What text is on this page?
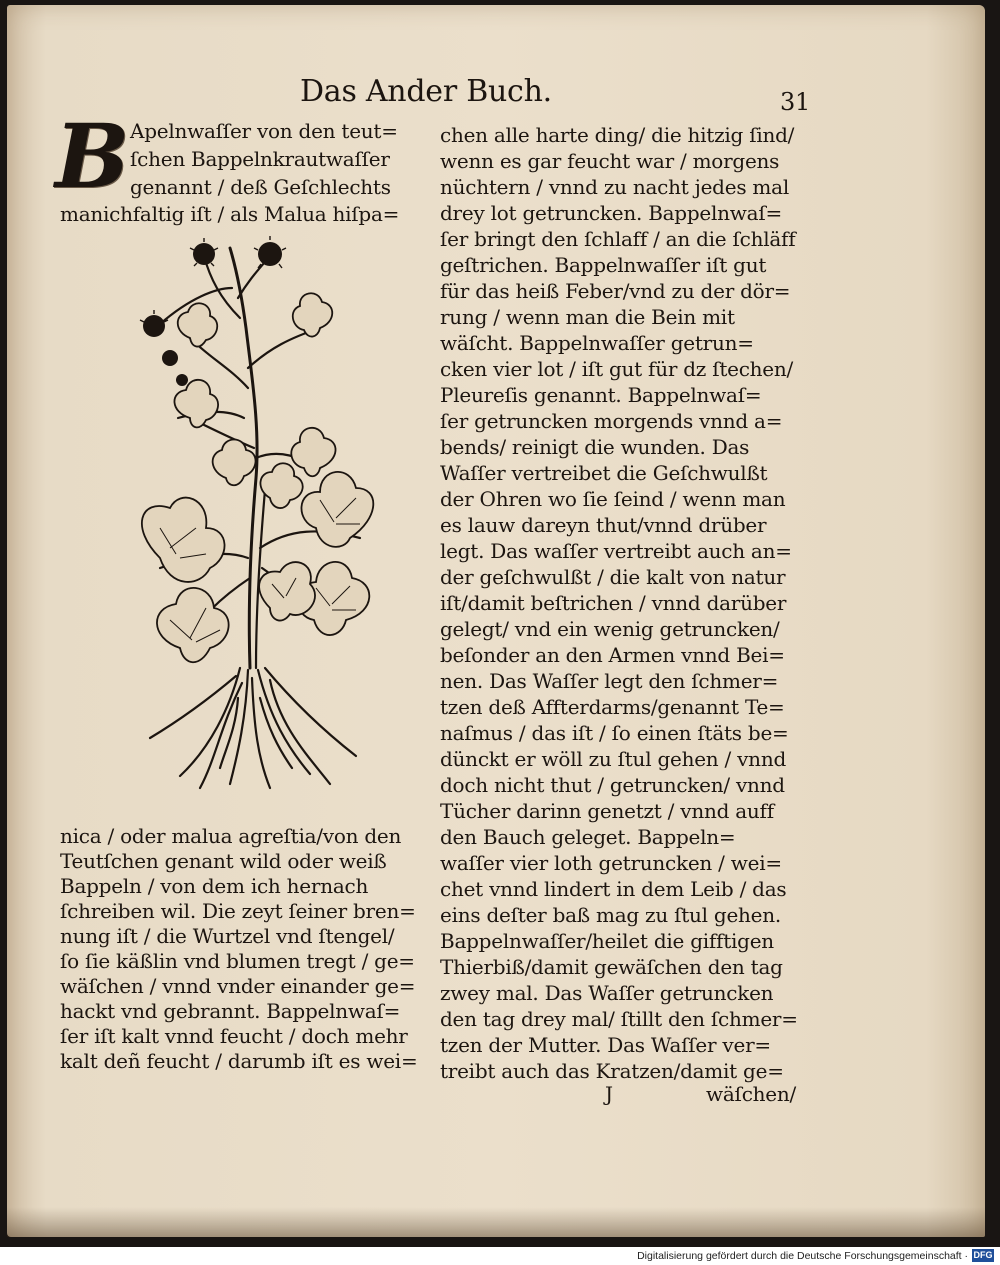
Das Ander Buch.	31
B Apelnwaſſer von den teut=
ſchen Bappelnkrautwaſſer
genannt / deß Geſchlechts
manichfaltig iſt / als Malua hiſpa=
nica / oder malua agreſtia/von den
Teutſchen genant wild oder weiß
Bappeln / von dem ich hernach
ſchreiben wil. Die zeyt ſeiner bren=
nung iſt / die Wurtzel vnd ſtengel/
ſo ſie käßlin vnd blumen tregt / ge=
wäſchen / vnnd vnder einander ge=
hackt vnd gebrannt. Bappelnwaſ=
ſer iſt kalt vnnd feucht / doch mehr
kalt deñ feucht / darumb iſt es wei=
chen alle harte ding/ die hitzig ſind/
wenn es gar feucht war / morgens
nüchtern / vnnd zu nacht jedes mal
drey lot getruncken. Bappelnwaſ=
ſer bringt den ſchlaff / an die ſchläff
geſtrichen. Bappelnwaſſer iſt gut
für das heiß Feber/vnd zu der dör=
rung / wenn man die Bein mit
wäſcht. Bappelnwaſſer getrun=
cken vier lot / iſt gut für dz ſtechen/
Pleureſis genannt. Bappelnwaſ=
ſer getruncken morgends vnnd a=
bends/ reinigt die wunden. Das
Waſſer vertreibet die Geſchwulßt
der Ohren wo ſie ſeind / wenn man
es lauw dareyn thut/vnnd drüber
legt. Das waſſer vertreibt auch an=
der geſchwulßt / die kalt von natur
iſt/damit beſtrichen / vnnd darüber
gelegt/ vnd ein wenig getruncken/
beſonder an den Armen vnnd Bei=
nen. Das Waſſer legt den ſchmer=
tzen deß Affterdarms/genannt Te=
naſmus / das iſt / ſo einen ſtäts be=
dünckt er wöll zu ſtul gehen / vnnd
doch nicht thut / getruncken/ vnnd
Tücher darinn genetzt / vnnd auff
den Bauch geleget. Bappeln=
waſſer vier loth getruncken / wei=
chet vnnd lindert in dem Leib / das
eins deſter baß mag zu ſtul gehen.
Bappelnwaſſer/heilet die gifftigen
Thierbiß/damit gewäſchen den tag
zwey mal. Das Waſſer getruncken
den tag drey mal/ ſtillt den ſchmer=
tzen der Mutter. Das Waſſer ver=
treibt auch das Kratzen/damit ge=
J	wäſchen/
Digitalisierung gefördert durch die Deutsche Forschungsgemeinschaft · DFG
